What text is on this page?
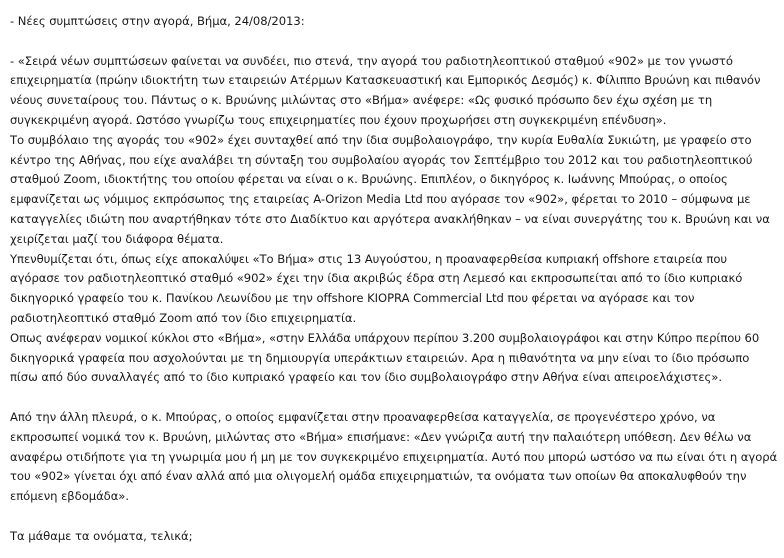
- Νέες συμπτώσεις στην αγορά, Βήμα, 24/08/2013:

- «Σειρά νέων συμπτώσεων φαίνεται να συνδέει, πιο στενά, την αγορά του ραδιοτηλεοπτικού σταθμού «902» με τον γνωστό επιχειρηματία (πρώην ιδιοκτήτη των εταιρειών Ατέρμων Κατασκευαστική και Εμπορικός Δεσμός) κ. Φίλιππο Βρυώνη και πιθανόν νέους συνεταίρους του. Πάντως ο κ. Βρυώνης μιλώντας στο «Βήμα» ανέφερε: «Ως φυσικό πρόσωπο δεν έχω σχέση με τη συγκεκριμένη αγορά. Ωστόσο γνωρίζω τους επιχειρηματίες που έχουν προχωρήσει στη συγκεκριμένη επένδυση».

Το συμβόλαιο της αγοράς του «902» έχει συνταχθεί από την ίδια συμβολαιογράφο, την κυρία Ευθαλία Συκιώτη, με γραφείο στο κέντρο της Αθήνας, που είχε αναλάβει τη σύνταξη του συμβολαίου αγοράς τον Σεπτέμβριο του 2012 και του ραδιοτηλεοπτικού σταθμού Zoom, ιδιοκτήτης του οποίου φέρεται να είναι ο κ. Βρυώνης. Επιπλέον, ο δικηγόρος κ. Ιωάννης Μπούρας, ο οποίος εμφανίζεται ως νόμιμος εκπρόσωπος της εταιρείας A-Orizon Media Ltd που αγόρασε τον «902», φέρεται το 2010 – σύμφωνα με καταγγελίες ιδιώτη που αναρτήθηκαν τότε στο Διαδίκτυο και αργότερα ανακλήθηκαν – να είναι συνεργάτης του κ. Βρυώνη και να χειρίζεται μαζί του διάφορα θέματα.

Υπενθυμίζεται ότι, όπως είχε αποκαλύψει «Το Βήμα» στις 13 Αυγούστου, η προαναφερθείσα κυπριακή offshore εταιρεία που αγόρασε τον ραδιοτηλεοπτικό σταθμό «902» έχει την ίδια ακριβώς έδρα στη Λεμεσό και εκπροσωπείται από το ίδιο κυπριακό δικηγορικό γραφείο του κ. Πανίκου Λεωνίδου με την offshore KIOPRA Commercial Ltd που φέρεται να αγόρασε και τον ραδιοτηλεοπτικό σταθμό Zoom από τον ίδιο επιχειρηματία.

Οπως ανέφεραν νομικοί κύκλοι στο «Βήμα», «στην Ελλάδα υπάρχουν περίπου 3.200 συμβολαιογράφοι και στην Κύπρο περίπου 60 δικηγορικά γραφεία που ασχολούνται με τη δημιουργία υπεράκτιων εταιρειών. Αρα η πιθανότητα να μην είναι το ίδιο πρόσωπο πίσω από δύο συναλλαγές από το ίδιο κυπριακό γραφείο και τον ίδιο συμβολαιογράφο στην Αθήνα είναι απειροελάχιστες».

Από την άλλη πλευρά, ο κ. Μπούρας, ο οποίος εμφανίζεται στην προαναφερθείσα καταγγελία, σε προγενέστερο χρόνο, να εκπροσωπεί νομικά τον κ. Βρυώνη, μιλώντας στο «Βήμα» επισήμανε: «Δεν γνώριζα αυτή την παλαιότερη υπόθεση. Δεν θέλω να αναφέρω οτιδήποτε για τη γνωριμία μου ή μη με τον συγκεκριμένο επιχειρηματία. Αυτό που μπορώ ωστόσο να πω είναι ότι η αγορά του «902» γίνεται όχι από έναν αλλά από μια ολιγομελή ομάδα επιχειρηματιών, τα ονόματα των οποίων θα αποκαλυφθούν την επόμενη εβδομάδα».

Τα μάθαμε τα ονόματα, τελικά;
